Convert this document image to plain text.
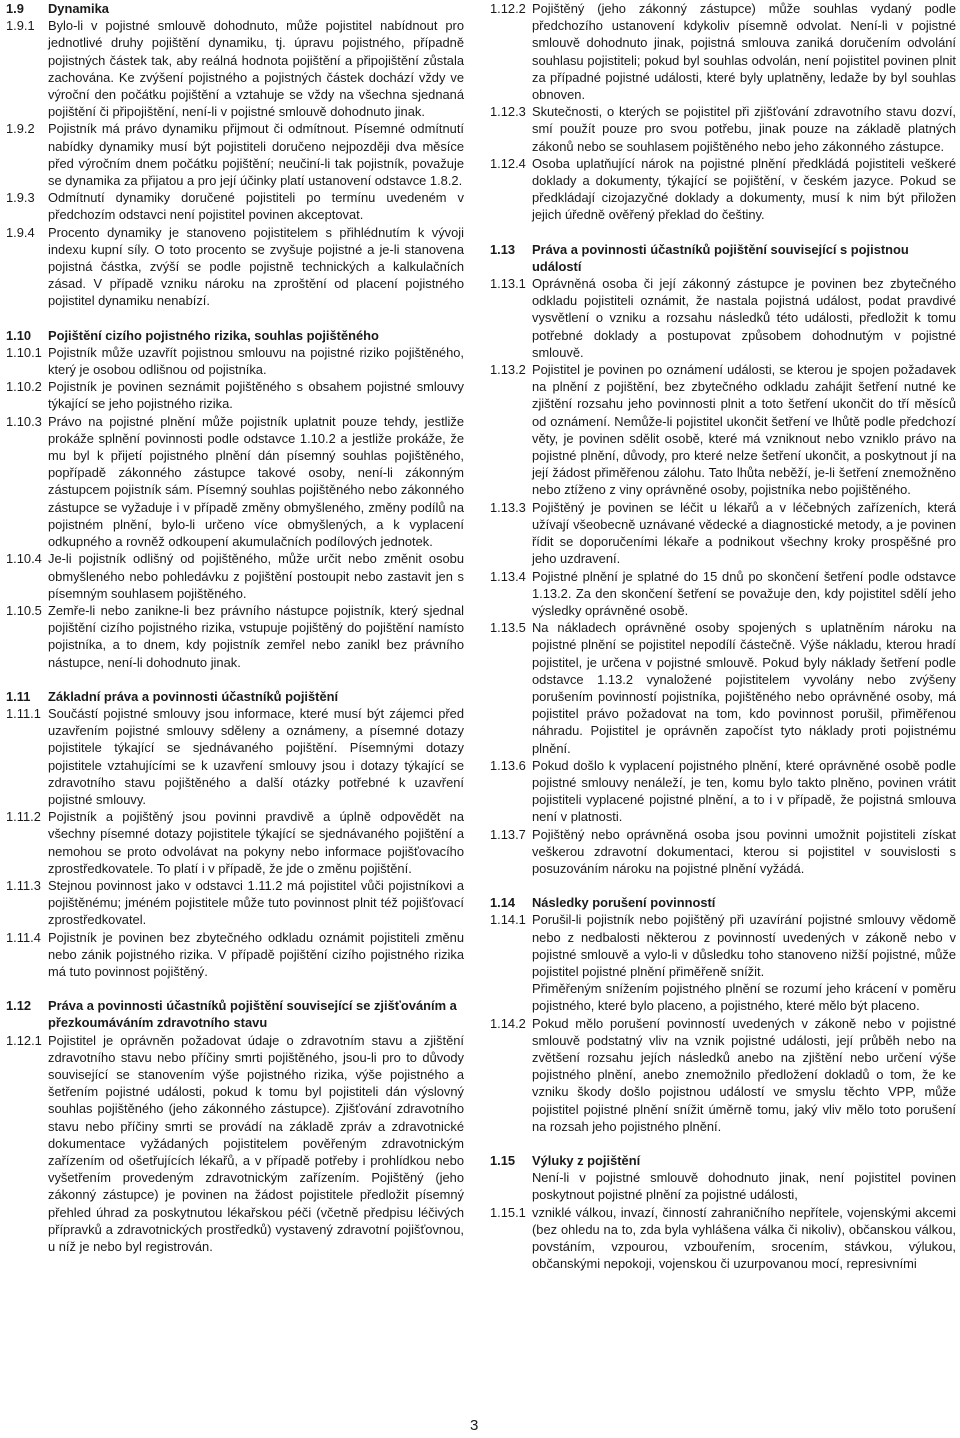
1.9	Dynamika
1.9.1	Bylo-li v pojistné smlouvě dohodnuto, může pojistitel nabídnout pro jednotlivé druhy pojištění dynamiku, tj. úpravu pojistného, případně pojistných částek tak, aby reálná hodnota pojištění a připojištění zůstala zachována. Ke zvýšení pojistného a pojistných částek dochází vždy ve výroční den počátku pojištění a vztahuje se vždy na všechna sjednaná pojištění či připojištění, není-li v pojistné smlouvě dohodnuto jinak.
1.9.2	Pojistník má právo dynamiku přijmout či odmítnout. Písemné odmítnutí nabídky dynamiky musí být pojistiteli doručeno nejpozději dva měsíce před výročním dnem počátku pojištění; neučiní-li tak pojistník, považuje se dynamika za přijatou a pro její účinky platí ustanovení odstavce 1.8.2.
1.9.3	Odmítnutí dynamiky doručené pojistiteli po termínu uvedeném v předchozím odstavci není pojistitel povinen akceptovat.
1.9.4	Procento dynamiky je stanoveno pojistitelem s přihlédnutím k vývoji indexu kupní síly. O toto procento se zvyšuje pojistné a je-li stanovena pojistná částka, zvýší se podle pojistně technických a kalkulačních zásad. V případě vzniku nároku na zproštění od placení pojistného pojistitel dynamiku nenabízí.
1.10	Pojištění cizího pojistného rizika, souhlas pojištěného
1.10.1 Pojistník může uzavřít pojistnou smlouvu na pojistné riziko pojištěného, který je osobou odlišnou od pojistníka.
1.10.2 Pojistník je povinen seznámit pojištěného s obsahem pojistné smlouvy týkající se jeho pojistného rizika.
1.10.3 Právo na pojistné plnění může pojistník uplatnit pouze tehdy, jestliže prokáže splnění povinnosti podle odstavce 1.10.2 a jestliže prokáže, že mu byl k přijetí pojistného plnění dán písemný souhlas pojištěného, popřípadě zákonného zástupce takové osoby, není-li zákonným zástupcem pojistník sám. Písemný souhlas pojištěného nebo zákonného zástupce se vyžaduje i v případě změny obmyšleného, změny podílů na pojistném plnění, bylo-li určeno více obmyšlených, a k vyplacení odkupného a rovněž odkoupení akumulačních podílových jednotek.
1.10.4 Je-li pojistník odlišný od pojištěného, může určit nebo změnit osobu obmyšleného nebo pohledávku z pojištění postoupit nebo zastavit jen s písemným souhlasem pojištěného.
1.10.5 Zemře-li nebo zanikne-li bez právního nástupce pojistník, který sjednal pojištění cizího pojistného rizika, vstupuje pojištěný do pojištění namísto pojistníka, a to dnem, kdy pojistník zemřel nebo zanikl bez právního nástupce, není-li dohodnuto jinak.
1.11	Základní práva a povinnosti účastníků pojištění
1.11.1 Součástí pojistné smlouvy jsou informace, které musí být zájemci před uzavřením pojistné smlouvy sděleny a oznámeny, a písemné dotazy pojistitele týkající se sjednávaného pojištění. Písemnými dotazy pojistitele vztahujícími se k uzavření smlouvy jsou i dotazy týkající se zdravotního stavu pojištěného a další otázky potřebné k uzavření pojistné smlouvy.
1.11.2 Pojistník a pojištěný jsou povinni pravdivě a úplně odpovědět na všechny písemné dotazy pojistitele týkající se sjednávaného pojištění a nemohou se proto odvolávat na pokyny nebo informace pojišťovacího zprostředkovatele. To platí i v případě, že jde o změnu pojištění.
1.11.3 Stejnou povinnost jako v odstavci 1.11.2 má pojistitel vůči pojistníkovi a pojištěnému; jméném pojistitele může tuto povinnost plnit též pojišťovací zprostředkovatel.
1.11.4 Pojistník je povinen bez zbytečného odkladu oznámit pojistiteli změnu nebo zánik pojistného rizika. V případě pojištění cizího pojistného rizika má tuto povinnost pojištěný.
1.12	Práva a povinnosti účastníků pojištění související se zjišťováním a přezkoumáváním zdravotního stavu
1.12.1 Pojistitel je oprávněn požadovat údaje o zdravotním stavu a zjištění zdravotního stavu nebo příčiny smrti pojištěného, jsou-li pro to důvody související se stanovením výše pojistného rizika, výše pojistného a šetřením pojistné události, pokud k tomu byl pojistiteli dán výslovný souhlas pojištěného (jeho zákonného zástupce). Zjišťování zdravotního stavu nebo příčiny smrti se provádí na základě zpráv a zdravotnické dokumentace vyžádaných pojistitelem pověřeným zdravotnickým zařízením od ošetřujících lékařů, a v případě potřeby i prohlídkou nebo vyšetřením provedeným zdravotnickým zařízením. Pojištěný (jeho zákonný zástupce) je povinen na žádost pojistitele předložit písemný přehled úhrad za poskytnutou lékařskou péči (včetně předpisu léčivých přípravků a zdravotnických prostředků) vystavený zdravotní pojišťovnou, u níž je nebo byl registrován.
1.12.2 Pojištěný (jeho zákonný zástupce) může souhlas vydaný podle předchozího ustanovení kdykoliv písemně odvolat. Není-li v pojistné smlouvě dohodnuto jinak, pojistná smlouva zaniká doručením odvolání souhlasu pojistiteli; pokud byl souhlas odvolán, není pojistitel povinen plnit za případné pojistné události, které byly uplatněny, ledaže by byl souhlas obnoven.
1.12.3 Skutečnosti, o kterých se pojistitel při zjišťování zdravotního stavu dozví, smí použít pouze pro svou potřebu, jinak pouze na základě platných zákonů nebo se souhlasem pojištěného nebo jeho zákonného zástupce.
1.12.4 Osoba uplatňující nárok na pojistné plnění předkládá pojistiteli veškeré doklady a dokumenty, týkající se pojištění, v českém jazyce. Pokud se předkládají cizojazyčné doklady a dokumenty, musí k nim být přiložen jejich úředně ověřený překlad do češtiny.
1.13	Práva a povinnosti účastníků pojištění související s pojistnou událostí
1.13.1 Oprávněná osoba či její zákonný zástupce je povinen bez zbytečného odkladu pojistiteli oznámit, že nastala pojistná událost, podat pravdivé vysvětlení o vzniku a rozsahu následků této události, předložit k tomu potřebné doklady a postupovat způsobem dohodnutým v pojistné smlouvě.
1.13.2 Pojistitel je povinen po oznámení události, se kterou je spojen požadavek na plnění z pojištění, bez zbytečného odkladu zahájit šetření nutné ke zjištění rozsahu jeho povinnosti plnit a toto šetření ukončit do tří měsíců od oznámení. Nemůže-li pojistitel ukončit šetření ve lhůtě podle předchozí věty, je povinen sdělit osobě, které má vzniknout nebo vzniklo právo na pojistné plnění, důvody, pro které nelze šetření ukončit, a poskytnout jí na její žádost přiměřenou zálohu. Tato lhůta neběží, je-li šetření znemožněno nebo ztíženo z viny oprávněné osoby, pojistníka nebo pojištěného.
1.13.3 Pojištěný je povinen se léčit u lékařů a v léčebných zařízeních, která užívají všeobecně uznávané vědecké a diagnostické metody, a je povinen řídit se doporučeními lékaře a podnikout všechny kroky prospěšné pro jeho uzdravení.
1.13.4 Pojistné plnění je splatné do 15 dnů po skončení šetření podle odstavce 1.13.2. Za den skončení šetření se považuje den, kdy pojistitel sdělí jeho výsledky oprávněné osobě.
1.13.5 Na nákladech oprávněné osoby spojených s uplatněním nároku na pojistné plnění se pojistitel nepodílí částečně. Výše nákladu, kterou hradí pojistitel, je určena v pojistné smlouvě. Pokud byly náklady šetření podle odstavce 1.13.2 vynaložené pojistitelem vyvolány nebo zvýšeny porušením povinností pojistníka, pojištěného nebo oprávněné osoby, má pojistitel právo požadovat na tom, kdo povinnost porušil, přiměřenou náhradu. Pojistitel je oprávněn započíst tyto náklady proti pojistnému plnění.
1.13.6 Pokud došlo k vyplacení pojistného plnění, které oprávněné osobě podle pojistné smlouvy nenáleží, je ten, komu bylo takto plněno, povinen vrátit pojistiteli vyplacené pojistné plnění, a to i v případě, že pojistná smlouva není v platnosti.
1.13.7 Pojištěný nebo oprávněná osoba jsou povinni umožnit pojistiteli získat veškerou zdravotní dokumentaci, kterou si pojistitel v souvislosti s posuzováním nároku na pojistné plnění vyžádá.
1.14	Následky porušení povinností
1.14.1 Porušil-li pojistník nebo pojištěný při uzavírání pojistné smlouvy vědomě nebo z nedbalosti některou z povinností uvedených v zákoně nebo v pojistné smlouvě a vylo-li v důsledku toho stanoveno nižší pojistné, může pojistitel pojistné plnění přiměřeně snížit.
Přiměřeným snížením pojistného plnění se rozumí jeho krácení v poměru pojistného, které bylo placeno, a pojistného, které mělo být placeno.
1.14.2 Pokud mělo porušení povinností uvedených v zákoně nebo v pojistné smlouvě podstatný vliv na vznik pojistné události, její průběh nebo na zvětšení rozsahu jejích následků anebo na zjištění nebo určení výše pojistného plnění, anebo znemožnilo předložení dokladů o tom, že ke vzniku škody došlo pojistnou událostí ve smyslu těchto VPP, může pojistitel pojistné plnění snížit úměrně tomu, jaký vliv mělo toto porušení na rozsah jeho pojistného plnění.
1.15	Výluky z pojištění
Není-li v pojistné smlouvě dohodnuto jinak, není pojistitel povinen poskytnout pojistné plnění za pojistné události,
1.15.1 vzniklé válkou, invazí, činností zahraničního nepřítele, vojenskými akcemi (bez ohledu na to, zda byla vyhlášena válka či nikoliv), občanskou válkou, povstáním, vzpourou, vzbouřením, srocením, stávkou, výlukou, občanskými nepokoji, vojenskou či uzurpovanou mocí, represivními
3
